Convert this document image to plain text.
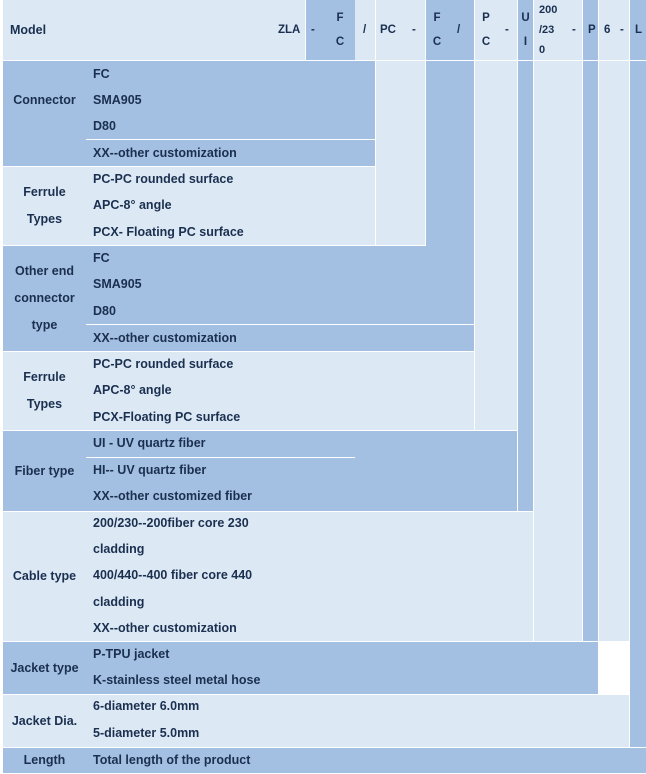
Model	ZLA -
F
C
/ PC -
F
C
/
P
C
-
U
I
200
/23
0
- P 6 - L
Connector
FC
SMA905
D80
XX--other customization
Ferrule
Types
PC-PC rounded surface
APC-8° angle
PCX- Floating PC surface
Other end
connector
type
FC
SMA905
D80
XX--other customization
Ferrule
Types
PC-PC rounded surface
APC-8° angle
PCX-Floating PC surface
Fiber type
UI - UV quartz fiber
HI-- UV quartz fiber
XX--other customized fiber
Cable type
200/230--200fiber core 230
cladding
400/440--400 fiber core 440
cladding
XX--other customization
Jacket type
P-TPU jacket
K-stainless steel metal hose
Jacket Dia.
6-diameter 6.0mm
5-diameter 5.0mm
Length Total length of the product
